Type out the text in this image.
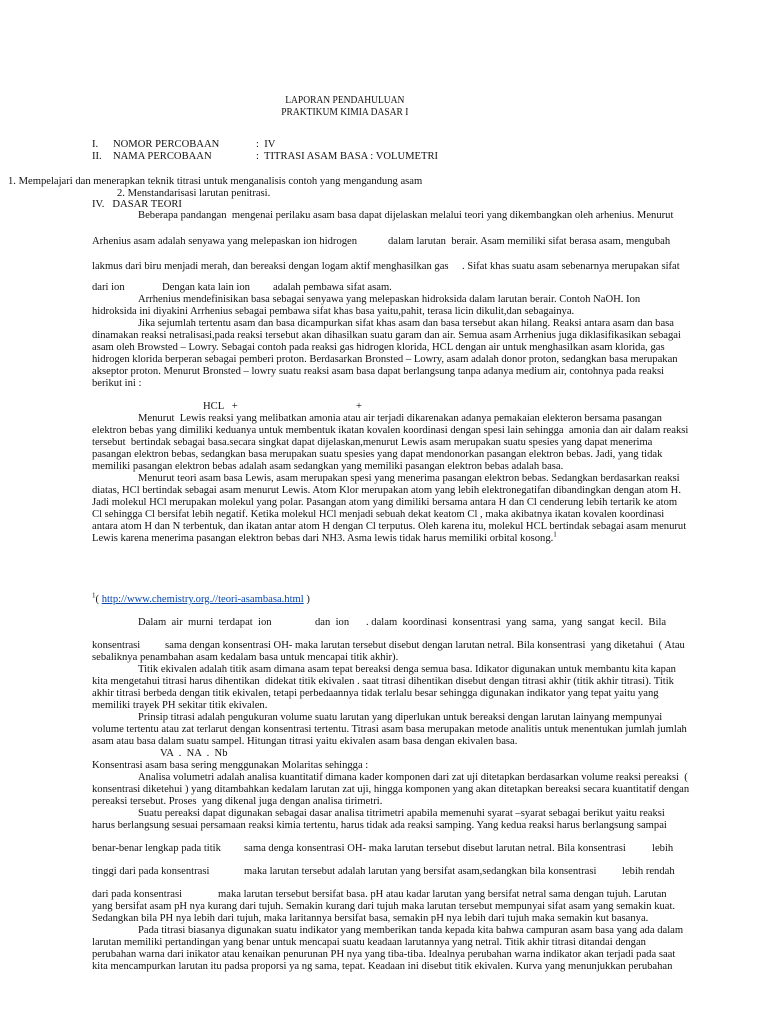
LAPORAN PENDAHULUAN
PRAKTIKUM KIMIA DASAR I
I. NOMOR PERCOBAAN	:  IV
II. NAMA PERCOBAAN	:  TITRASI ASAM BASA : VOLUMETRI
1. Mempelajari dan menerapkan teknik titrasi untuk menganalisis contoh yang mengandung asam
2. Menstandarisasi larutan penitrasi.
IV.   DASAR TEORI
Beberapa pandangan  mengenai perilaku asam basa dapat dijelaskan melalui teori yang dikembangkan oleh arhenius. Menurut
Arhenius asam adalah senyawa yang melepaskan ion hidrogen	dalam larutan  berair. Asam memiliki sifat berasa asam, mengubah
lakmus dari biru menjadi merah, dan bereaksi dengan logam aktif menghasilkan gas . Sifat khas suatu asam sebenarnya merupakan sifat
dari ion	Dengan kata lain ion adalah pembawa sifat asam.
Arrhenius mendefinisikan basa sebagai senyawa yang melepaskan hidroksida dalam larutan berair. Contoh NaOH. Ion
hidroksida ini diyakini Arrhenius sebagai pembawa sifat khas basa yaitu,pahit, terasa licin dikulit,dan sebagainya.
Jika sejumlah tertentu asam dan basa dicampurkan sifat khas asam dan basa tersebut akan hilang. Reaksi antara asam dan basa
dinamakan reaksi netralisasi,pada reaksi tersebut akan dihasilkan suatu garam dan air. Semua asam Arrhenius juga diklasifikasikan sebagai
asam oleh Browsted – Lowry. Sebagai contoh pada reaksi gas hidrogen klorida, HCL dengan air untuk menghasilkan asam klorida, gas
hidrogen klorida berperan sebagai pemberi proton. Berdasarkan Bronsted – Lowry, asam adalah donor proton, sedangkan basa merupakan
akseptor proton. Menurut Bronsted – lowry suatu reaksi asam basa dapat berlangsung tanpa adanya medium air, contohnya pada reaksi
berikut ini :
HCL   +	+
Menurut  Lewis reaksi yang melibatkan amonia atau air terjadi dikarenakan adanya pemakaian elekteron bersama pasangan
elektron bebas yang dimiliki keduanya untuk membentuk ikatan kovalen koordinasi dengan spesi lain sehingga  amonia dan air dalam reaksi
tersebut  bertindak sebagai basa.secara singkat dapat dijelaskan,menurut Lewis asam merupakan suatu spesies yang dapat menerima
pasangan elektron bebas, sedangkan basa merupakan suatu spesies yang dapat mendonorkan pasangan elektron bebas. Jadi, yang tidak
memiliki pasangan elektron bebas adalah asam sedangkan yang memiliki pasangan elektron bebas adalah basa.
Menurut teori asam basa Lewis, asam merupakan spesi yang menerima pasangan elektron bebas. Sedangkan berdasarkan reaksi
diatas, HCl bertindak sebagai asam menurut Lewis. Atom Klor merupakan atom yang lebih elektronegatifan dibandingkan dengan atom H.
Jadi molekul HCl merupakan molekul yang polar. Pasangan atom yang dimiliki bersama antara H dan Cl cenderung lebih tertarik ke atom
Cl sehingga Cl bersifat lebih negatif. Ketika molekul HCl menjadi sebuah dekat keatom Cl , maka akibatnya ikatan kovalen koordinasi
antara atom H dan N terbentuk, dan ikatan antar atom H dengan Cl terputus. Oleh karena itu, molekul HCL bertindak sebagai asam menurut
Lewis karena menerima pasangan elektron bebas dari NH3. Asma lewis tidak harus memiliki orbital kosong.$^1$
$^1$( http://www.chemistry.org.//teori-asambasa.html )
Dalam  air  murni  terdapat  ion	dan  ion . dalam  koordinasi  konsentrasi  yang  sama,  yang  sangat  kecil.  Bila
konsentrasi sama dengan konsentrasi OH- maka larutan tersebut disebut dengan larutan netral. Bila konsentrasi  yang diketahui  ( Atau
sebaliknya penambahan asam kedalam basa untuk mencapai titik akhir).
Titik ekivalen adalah titik asam dimana asam tepat bereaksi denga semua basa. Idikator digunakan untuk membantu kita kapan
kita mengetahui titrasi harus dihentikan  didekat titik ekivalen . saat titrasi dihentikan disebut dengan titrasi akhir (titik akhir titrasi). Titik
akhir titrasi berbeda dengan titik ekivalen, tetapi perbedaannya tidak terlalu besar sehingga digunakan indikator yang tepat yaitu yang
memiliki trayek PH sekitar titik ekivalen.
Prinsip titrasi adalah pengukuran volume suatu larutan yang diperlukan untuk bereaksi dengan larutan lainyang mempunyai
volume tertentu atau zat terlarut dengan konsentrasi tertentu. Titrasi asam basa merupakan metode analitis untuk menentukan jumlah jumlah
asam atau basa dalam suatu sampel. Hitungan titrasi yaitu ekivalen asam basa dengan ekivalen basa.
VA  .  NA  .  Nb
Konsentrasi asam basa sering menggunakan Molaritas sehingga :
Analisa volumetri adalah analisa kuantitatif dimana kader komponen dari zat uji ditetapkan berdasarkan volume reaksi pereaksi  (
konsentrasi diketehui ) yang ditambahkan kedalam larutan zat uji, hingga komponen yang akan ditetapkan bereaksi secara kuantitatif dengan
pereaksi tersebut. Proses  yang dikenal juga dengan analisa tirimetri.
Suatu pereaksi dapat digunakan sebagai dasar analisa titrimetri apabila memenuhi syarat –syarat sebagai berikut yaitu reaksi
harus berlangsung sesuai persamaan reaksi kimia tertentu, harus tidak ada reaksi samping. Yang kedua reaksi harus berlangsung sampai
benar-benar lengkap pada titik sama denga konsentrasi OH- maka larutan tersebut disebut larutan netral. Bila konsentrasi lebih
tinggi dari pada konsentrasi	maka larutan tersebut adalah larutan yang bersifat asam,sedangkan bila konsentrasi lebih rendah
dari pada konsentrasi	maka larutan tersebut bersifat basa. pH atau kadar larutan yang bersifat netral sama dengan tujuh. Larutan
yang bersifat asam pH nya kurang dari tujuh. Semakin kurang dari tujuh maka larutan tersebut mempunyai sifat asam yang semakin kuat.
Sedangkan bila PH nya lebih dari tujuh, maka laritannya bersifat basa, semakin pH nya lebih dari tujuh maka semakin kut basanya.
Pada titrasi biasanya digunakan suatu indikator yang memberikan tanda kepada kita bahwa campuran asam basa yang ada dalam
larutan memiliki pertandingan yang benar untuk mencapai suatu keadaan larutannya yang netral. Titik akhir titrasi ditandai dengan
perubahan warna dari inikator atau kenaikan penurunan PH nya yang tiba-tiba. Idealnya perubahan warna indikator akan terjadi pada saat
kita mencampurkan larutan itu padsa proporsi ya ng sama, tepat. Keadaan ini disebut titik ekivalen. Kurva yang menunjukkan perubahan
